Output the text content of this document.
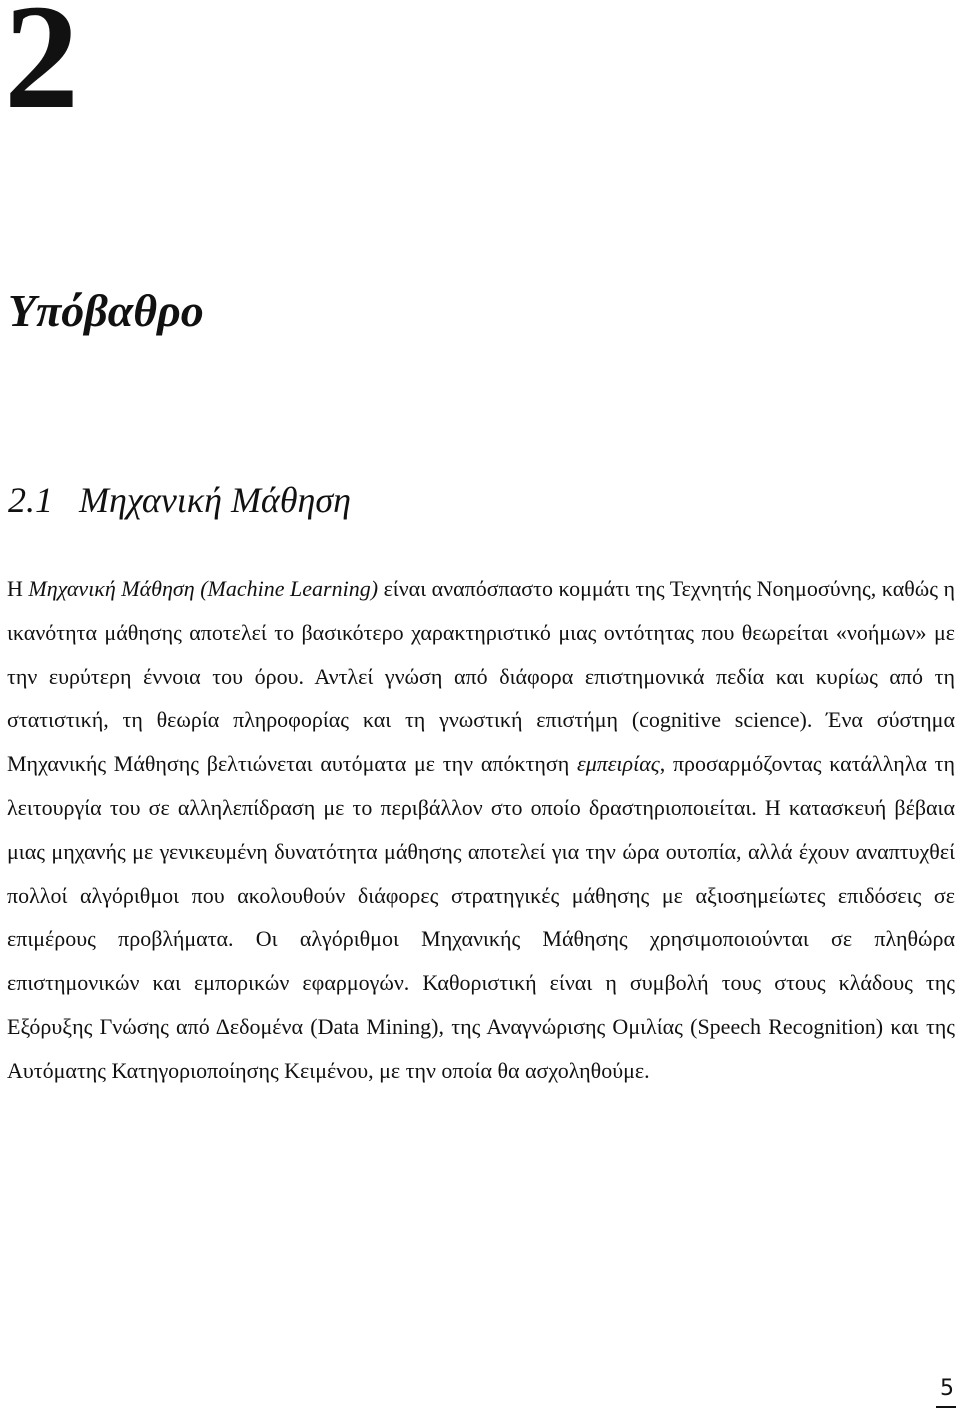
2
Υπόβαθρο
2.1 Μηχανική Μάθηση

Η Μηχανική Μάθηση (Machine Learning) είναι αναπόσπαστο κομμάτι της Τεχνητής Νοημοσύνης, καθώς η ικανότητα μάθησης αποτελεί το βασικότερο χαρακτηριστικό μιας οντότητας που θεωρείται «νοήμων» με την ευρύτερη έννοια του όρου. Αντλεί γνώση από διάφορα επιστημονικά πεδία και κυρίως από τη στατιστική, τη θεωρία πληροφορίας και τη γνωστική επιστήμη (cognitive science). Ένα σύστημα Μηχανικής Μάθησης βελτιώνεται αυτόματα με την απόκτηση εμπειρίας, προσαρμόζοντας κατάλληλα τη λειτουργία του σε αλληλεπίδραση με το περιβάλλον στο οποίο δραστηριοποιείται. Η κατασκευή βέβαια μιας μηχανής με γενικευμένη δυνατότητα μάθησης αποτελεί για την ώρα ουτοπία, αλλά έχουν αναπτυχθεί πολλοί αλγόριθμοι που ακολουθούν διάφορες στρατηγικές μάθησης με αξιοσημείωτες επιδόσεις σε επιμέρους προβλήματα. Οι αλγόριθμοι Μηχανικής Μάθησης χρησιμοποιούνται σε πληθώρα επιστημονικών και εμπορικών εφαρμογών. Καθοριστική είναι η συμβολή τους στους κλάδους της Εξόρυξης Γνώσης από Δεδομένα (Data Mining), της Αναγνώρισης Ομιλίας (Speech Recognition) και της Αυτόματης Κατηγοριοποίησης Κειμένου, με την οποία θα ασχοληθούμε.

5
